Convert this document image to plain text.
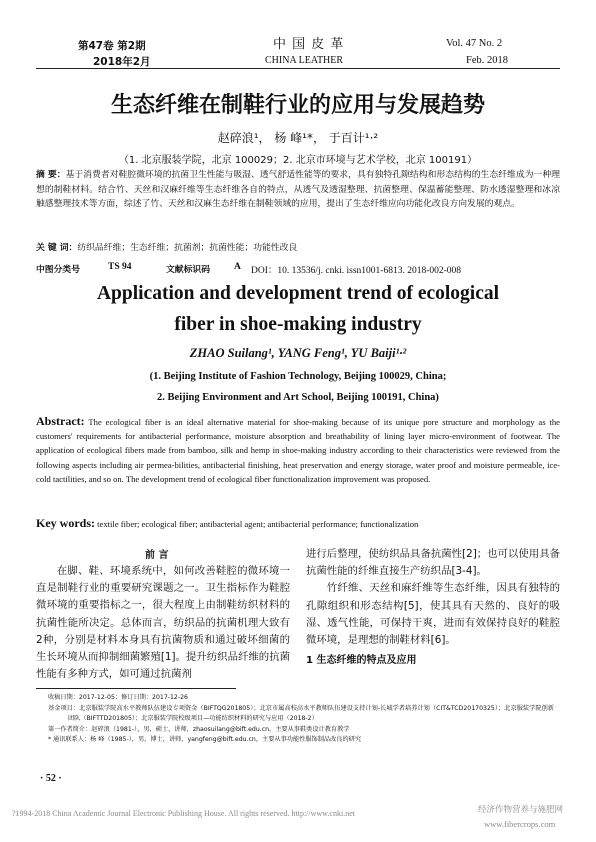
第47卷 第2期
2018年2月
中 国 皮 革
CHINA LEATHER
Vol. 47 No. 2
Feb. 2018
生态纤维在制鞋行业的应用与发展趋势
赵碎浪¹， 杨 峰¹*， 于百计¹·²
（1. 北京服装学院，北京 100029；2. 北京市环境与艺术学校，北京 100191）
摘 要：基于消费者对鞋腔微环境的抗菌卫生性能与吸湿、透气舒适性能等的要求，具有独特孔隙结构和形态结构的生态纤维成为一种理想的制鞋材料。结合竹、天丝和汉麻纤维等生态纤维各自的特点，从透气及透湿整理、抗菌整理、保温蓄能整理、防水透湿整理和冰凉触感整理技术等方面，综述了竹、天丝和汉麻生态纤维在制鞋领域的应用，提出了生态纤维应向功能化改良方向发展的观点。
关 键 词：纺织品纤维；生态纤维；抗菌剂；抗菌性能；功能性改良
中图分类号	TS 94	文献标识码	A DOI：10. 13536/j. cnki. issn1001-6813. 2018-002-008
Application and development trend of ecological
fiber in shoe-making industry
ZHAO Suilang¹, YANG Feng¹, YU Baiji¹·²
(1. Beijing Institute of Fashion Technology, Beijing 100029, China;
2. Beijing Environment and Art School, Beijing 100191, China)
Abstract: The ecological fiber is an ideal alternative material for shoe-making because of its unique pore structure and morphology as the customers' requirements for antibacterial performance, moisture absorption and breathability of lining layer micro-environment of footwear. The application of ecological fibers made from bamboo, silk and hemp in shoe-making industry according to their characteristics were reviewed from the following aspects including air permea-bilities, antibacterial finishing, heat preservation and energy storage, water proof and moisture permeable, ice-cold tactilities, and so on. The development trend of ecological fiber functionalization improvement was proposed.
Key words: textile fiber; ecological fiber; antibacterial agent; antibacterial performance; functionalization
前 言
在脚、鞋、环境系统中，如何改善鞋腔的微环境一直是制鞋行业的重要研究课题之一。卫生指标作为鞋腔微环境的重要指标之一，很大程度上由制鞋纺织材料的抗菌性能所决定。总体而言，纺织品的抗菌机理大致有2种，分别是材料本身具有抗菌物质和通过破坏细菌的生长环境从而抑制细菌繁殖[1]。提升纺织品纤维的抗菌性能有多种方式，如可通过抗菌剂

进行后整理，使纺织品具备抗菌性[2]；也可以使用具备抗菌性能的纤维直接生产纺织品[3-4]。

竹纤维、天丝和麻纤维等生态纤维，因具有独特的孔隙组织和形态结构[5]，使其具有天然的、良好的吸湿、透气性能，可保持干爽，进而有效保持良好的鞋腔微环境，是理想的制鞋材料[6]。

1 生态纤维的特点及应用

收稿日期：2017-12-05；修订日期：2017-12-26

基金项目：北京服装学院高水平教师队伍建设专项资金（BIFTQG201805）；北京市属高校高水平教师队伍建设支持计划-长城学者培养计划（CIT&TCD20170325）；北京服装学院创新团队（BIFTTD201805）；北京服装学院校级项目—功能纺织材料的研究与应用（2018-2）

第一作者简介：赵碎浪（1981-），男，硕士，讲师，zhaosuilang@bift.edu.cn，主要从事鞋类设计教育教学

* 通讯联系人：杨 峰（1985-），男，博士，讲师，yangfeng@bift.edu.cn，主要从事功能性服饰制品改良的研究

· 52 ·
?1994-2018 China Academic Journal Electronic Publishing House. All rights reserved. http://www.cnki.net	经济作物营养与施肥网
www.fibercrops.com
